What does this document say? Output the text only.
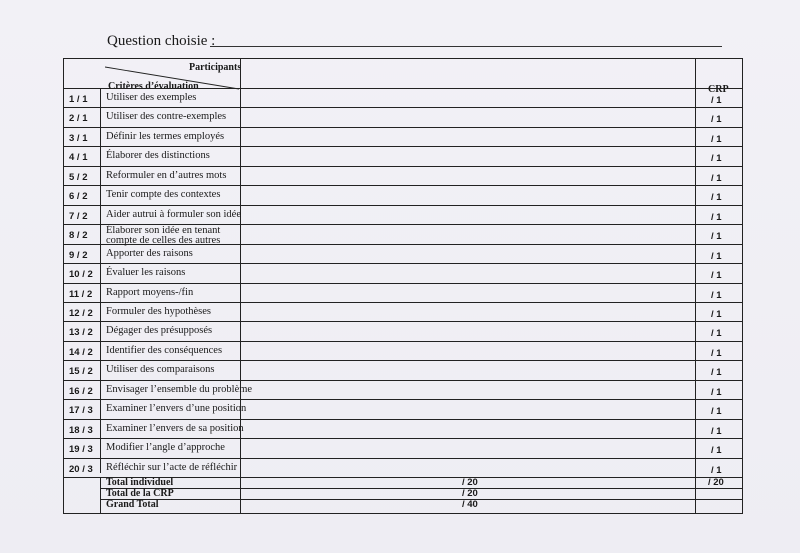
Question choisie :
Participants
Critères d’évaluation	CRP
1 / 1 Utiliser des exemples	/ 1
2 / 1 Utiliser des contre-exemples	/ 1
3 / 1 Définir les termes employés	/ 1
4 / 1 Élaborer des distinctions	/ 1
5 / 2 Reformuler en d’autres mots	/ 1
6 / 2 Tenir compte des contextes	/ 1
7 / 2 Aider autrui à formuler son idée	/ 1
8 / 2 Élaborer son idée en tenant
compte de celles des autres	/ 1
9 / 2 Apporter des raisons	/ 1
10 / 2 Évaluer les raisons	/ 1
11 / 2 Rapport moyens-/fin	/ 1
12 / 2 Formuler des hypothèses	/ 1
13 / 2 Dégager des présupposés	/ 1
14 / 2 Identifier des conséquences	/ 1
15 / 2 Utiliser des comparaisons	/ 1
16 / 2 Envisager l’ensemble du problème	/ 1
17 / 3 Examiner l’envers d’une position	/ 1
18 / 3 Examiner l’envers de sa position	/ 1
19 / 3 Modifier l’angle d’approche	/ 1
20 / 3 Réfléchir sur l’acte de réfléchir	/ 1
Total individuel	/ 20	/ 20
Total de la CRP	/ 20
Grand Total	/ 40
